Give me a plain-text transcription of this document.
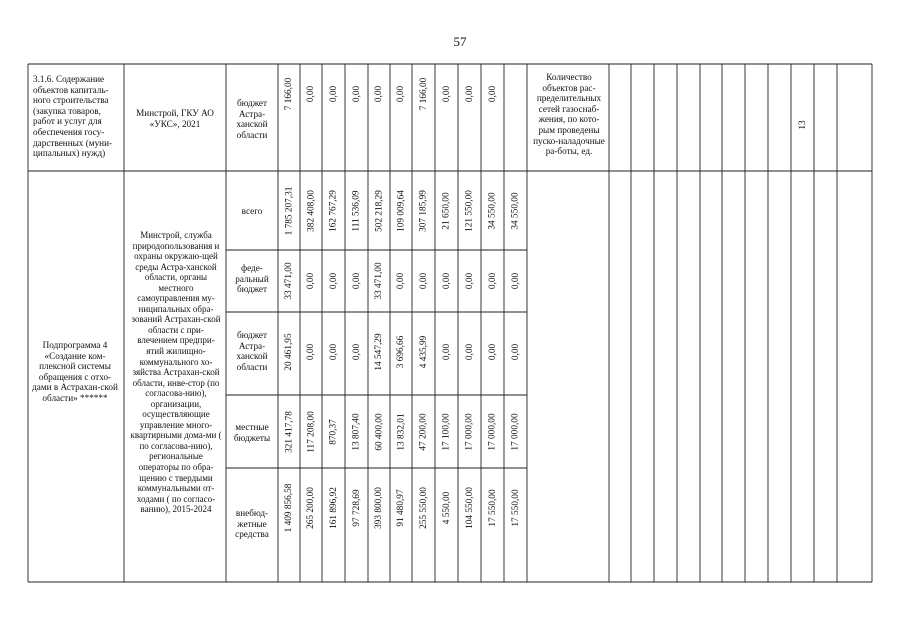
57
3.1.6. Содержание объектов капиталь-ного строительства (закупка товаров, работ и услуг для обеспечения госу-дарственных (муни-ципальных) нужд)
Минстрой, ГКУ АО «УКС», 2021
бюджет Астра-ханской области
Количество объектов рас-пределительных сетей газоснаб-жения, по кото-рым проведены пуско-наладочные ра-боты, ед.
Подпрограмма 4 «Создание ком-плексной системы обращения с отхо-дами в Астрахан-ской области» ******
Минстрой, служба природопользования и охраны окружаю-щей среды Астра-ханской области, органы местного самоуправления му-ниципальных обра-зований Астрахан-ской области с при-влечением предпри-ятий жилищно-коммунального хо-зяйства Астрахан-ской области, инве-стор (по согласова-нию), организации, осуществляющие управление много-квартирными дома-ми ( по согласова-нию), региональные операторы по обра-щению с твердыми коммунальными от-ходами ( по согласо-ванию), 2015-2024
всего
феде-ральный бюджет
бюджет Астра-ханской области
местные бюджеты
внебюд-жетные средства
7 166,00 0,00 0,00 0,00 0,00 0,00 7 166,00 0,00 0,00 0,00
13
1 785 207,31 382 408,00 162 767,29 111 536,09 502 218,29 109 009,64 307 185,99 21 650,00 121 550,00 34 550,00 34 550,00
33 471,00 0,00 0,00 0,00 33 471,00 0,00 0,00 0,00 0,00 0,00 0,00
20 461,95 0,00 0,00 0,00 14 547,29 3 696,66 4 435,99 0,00 0,00 0,00 0,00
321 417,78 117 208,00 870,37 13 807,40 60 400,00 13 832,01 47 200,00 17 100,00 17 000,00 17 000,00 17 000,00
1 409 856,58 265 200,00 161 896,92 97 728,69 393 800,00 91 480,97 255 550,00 4 550,00 104 550,00 17 550,00 17 550,00
